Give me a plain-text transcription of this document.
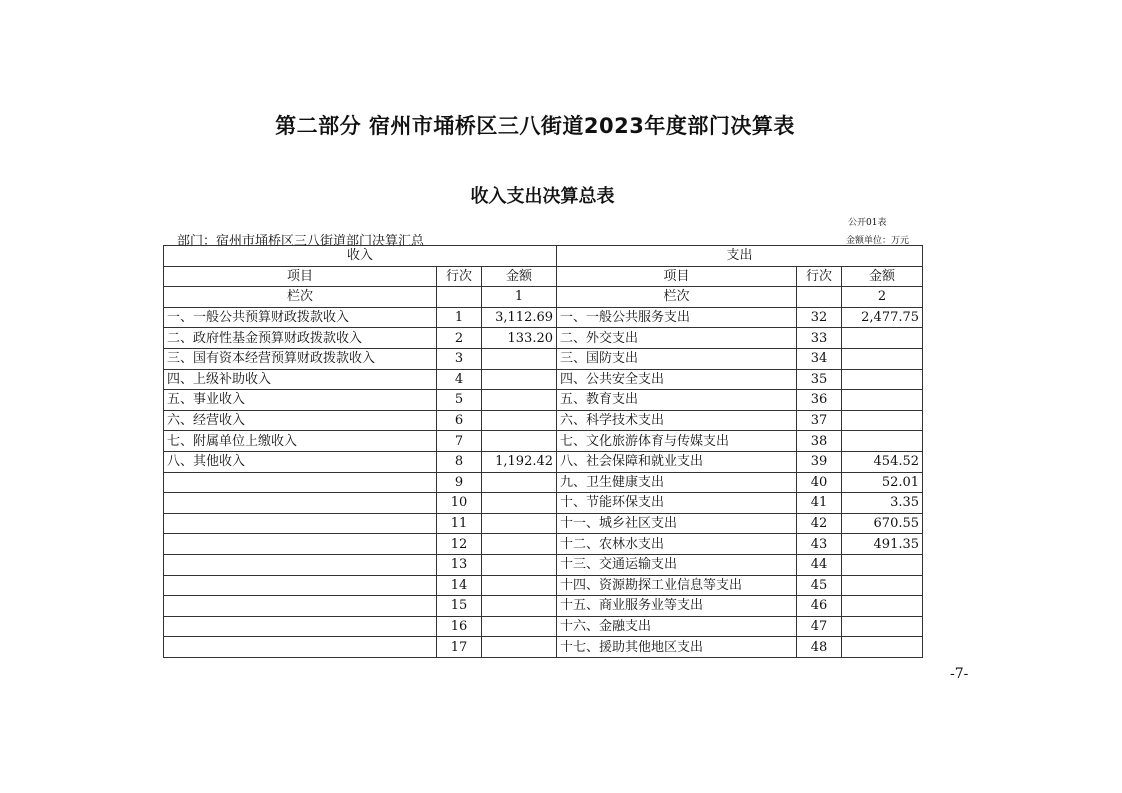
第二部分 宿州市埇桥区三八街道2023年度部门决算表
收入支出决算总表
公开01表
金额单位：万元
部门：宿州市埇桥区三八街道部门决算汇总
收入			支出		
项目	行次	金额	项目	行次	金额
栏次		1	栏次		2
一、一般公共预算财政拨款收入	1	3,112.69	一、一般公共服务支出	32	2,477.75
二、政府性基金预算财政拨款收入	2	133.20	二、外交支出	33	
三、国有资本经营预算财政拨款收入	3		三、国防支出	34	
四、上级补助收入	4		四、公共安全支出	35	
五、事业收入	5		五、教育支出	36	
六、经营收入	6		六、科学技术支出	37	
七、附属单位上缴收入	7		七、文化旅游体育与传媒支出	38	
八、其他收入	8	1,192.42	八、社会保障和就业支出	39	454.52
	9		九、卫生健康支出	40	52.01
	10		十、节能环保支出	41	3.35
	11		十一、城乡社区支出	42	670.55
	12		十二、农林水支出	43	491.35
	13		十三、交通运输支出	44	
	14		十四、资源勘探工业信息等支出	45	
	15		十五、商业服务业等支出	46	
	16		十六、金融支出	47	
	17		十七、援助其他地区支出	48	
-7-
